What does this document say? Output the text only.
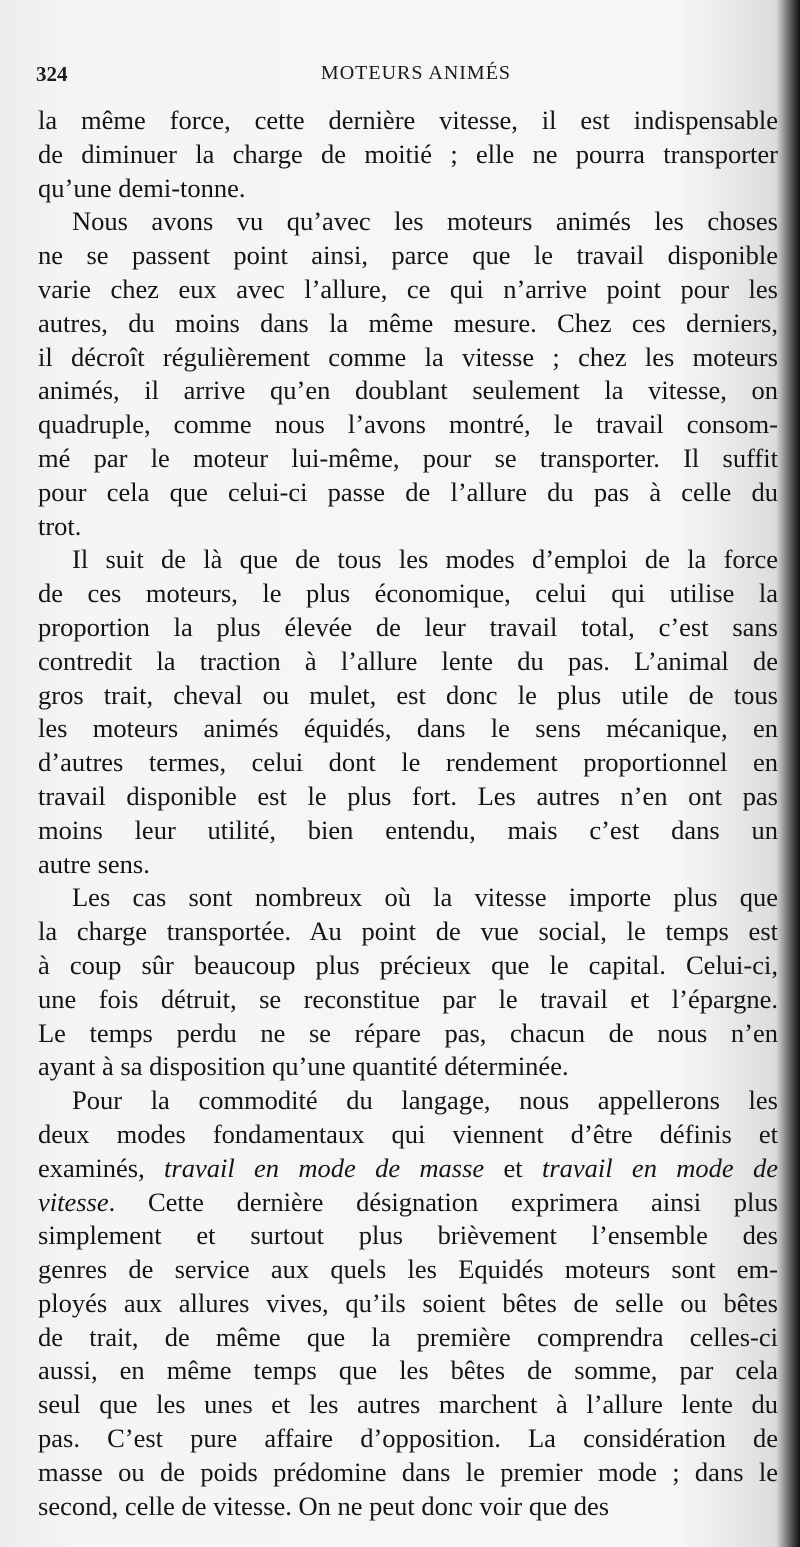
324	MOTEURS ANIMÉS
la même force, cette dernière vitesse, il est indispensable
de diminuer la charge de moitié ; elle ne pourra transporter
qu’une demi-tonne.
Nous avons vu qu’avec les moteurs animés les choses
ne se passent point ainsi, parce que le travail disponible
varie chez eux avec l’allure, ce qui n’arrive point pour les
autres, du moins dans la même mesure. Chez ces derniers,
il décroît régulièrement comme la vitesse ; chez les moteurs
animés, il arrive qu’en doublant seulement la vitesse, on
quadruple, comme nous l’avons montré, le travail consom-
mé par le moteur lui-même, pour se transporter. Il suffit
pour cela que celui-ci passe de l’allure du pas à celle du
trot.
Il suit de là que de tous les modes d’emploi de la force
de ces moteurs, le plus économique, celui qui utilise la
proportion la plus élevée de leur travail total, c’est sans
contredit la traction à l’allure lente du pas. L’animal de
gros trait, cheval ou mulet, est donc le plus utile de tous
les moteurs animés équidés, dans le sens mécanique, en
d’autres termes, celui dont le rendement proportionnel en
travail disponible est le plus fort. Les autres n’en ont pas
moins leur utilité, bien entendu, mais c’est dans un
autre sens.
Les cas sont nombreux où la vitesse importe plus que
la charge transportée. Au point de vue social, le temps est
à coup sûr beaucoup plus précieux que le capital. Celui-ci,
une fois détruit, se reconstitue par le travail et l’épargne.
Le temps perdu ne se répare pas, chacun de nous n’en
ayant à sa disposition qu’une quantité déterminée.
Pour la commodité du langage, nous appellerons les
deux modes fondamentaux qui viennent d’être définis et
examinés, travail en mode de masse et travail en mode de
vitesse. Cette dernière désignation exprimera ainsi plus
simplement et surtout plus brièvement l’ensemble des
genres de service aux quels les Equidés moteurs sont em-
ployés aux allures vives, qu’ils soient bêtes de selle ou bêtes
de trait, de même que la première comprendra celles-ci
aussi, en même temps que les bêtes de somme, par cela
seul que les unes et les autres marchent à l’allure lente du
pas. C’est pure affaire d’opposition. La considération de
masse ou de poids prédomine dans le premier mode ; dans le
second, celle de vitesse. On ne peut donc voir que des
